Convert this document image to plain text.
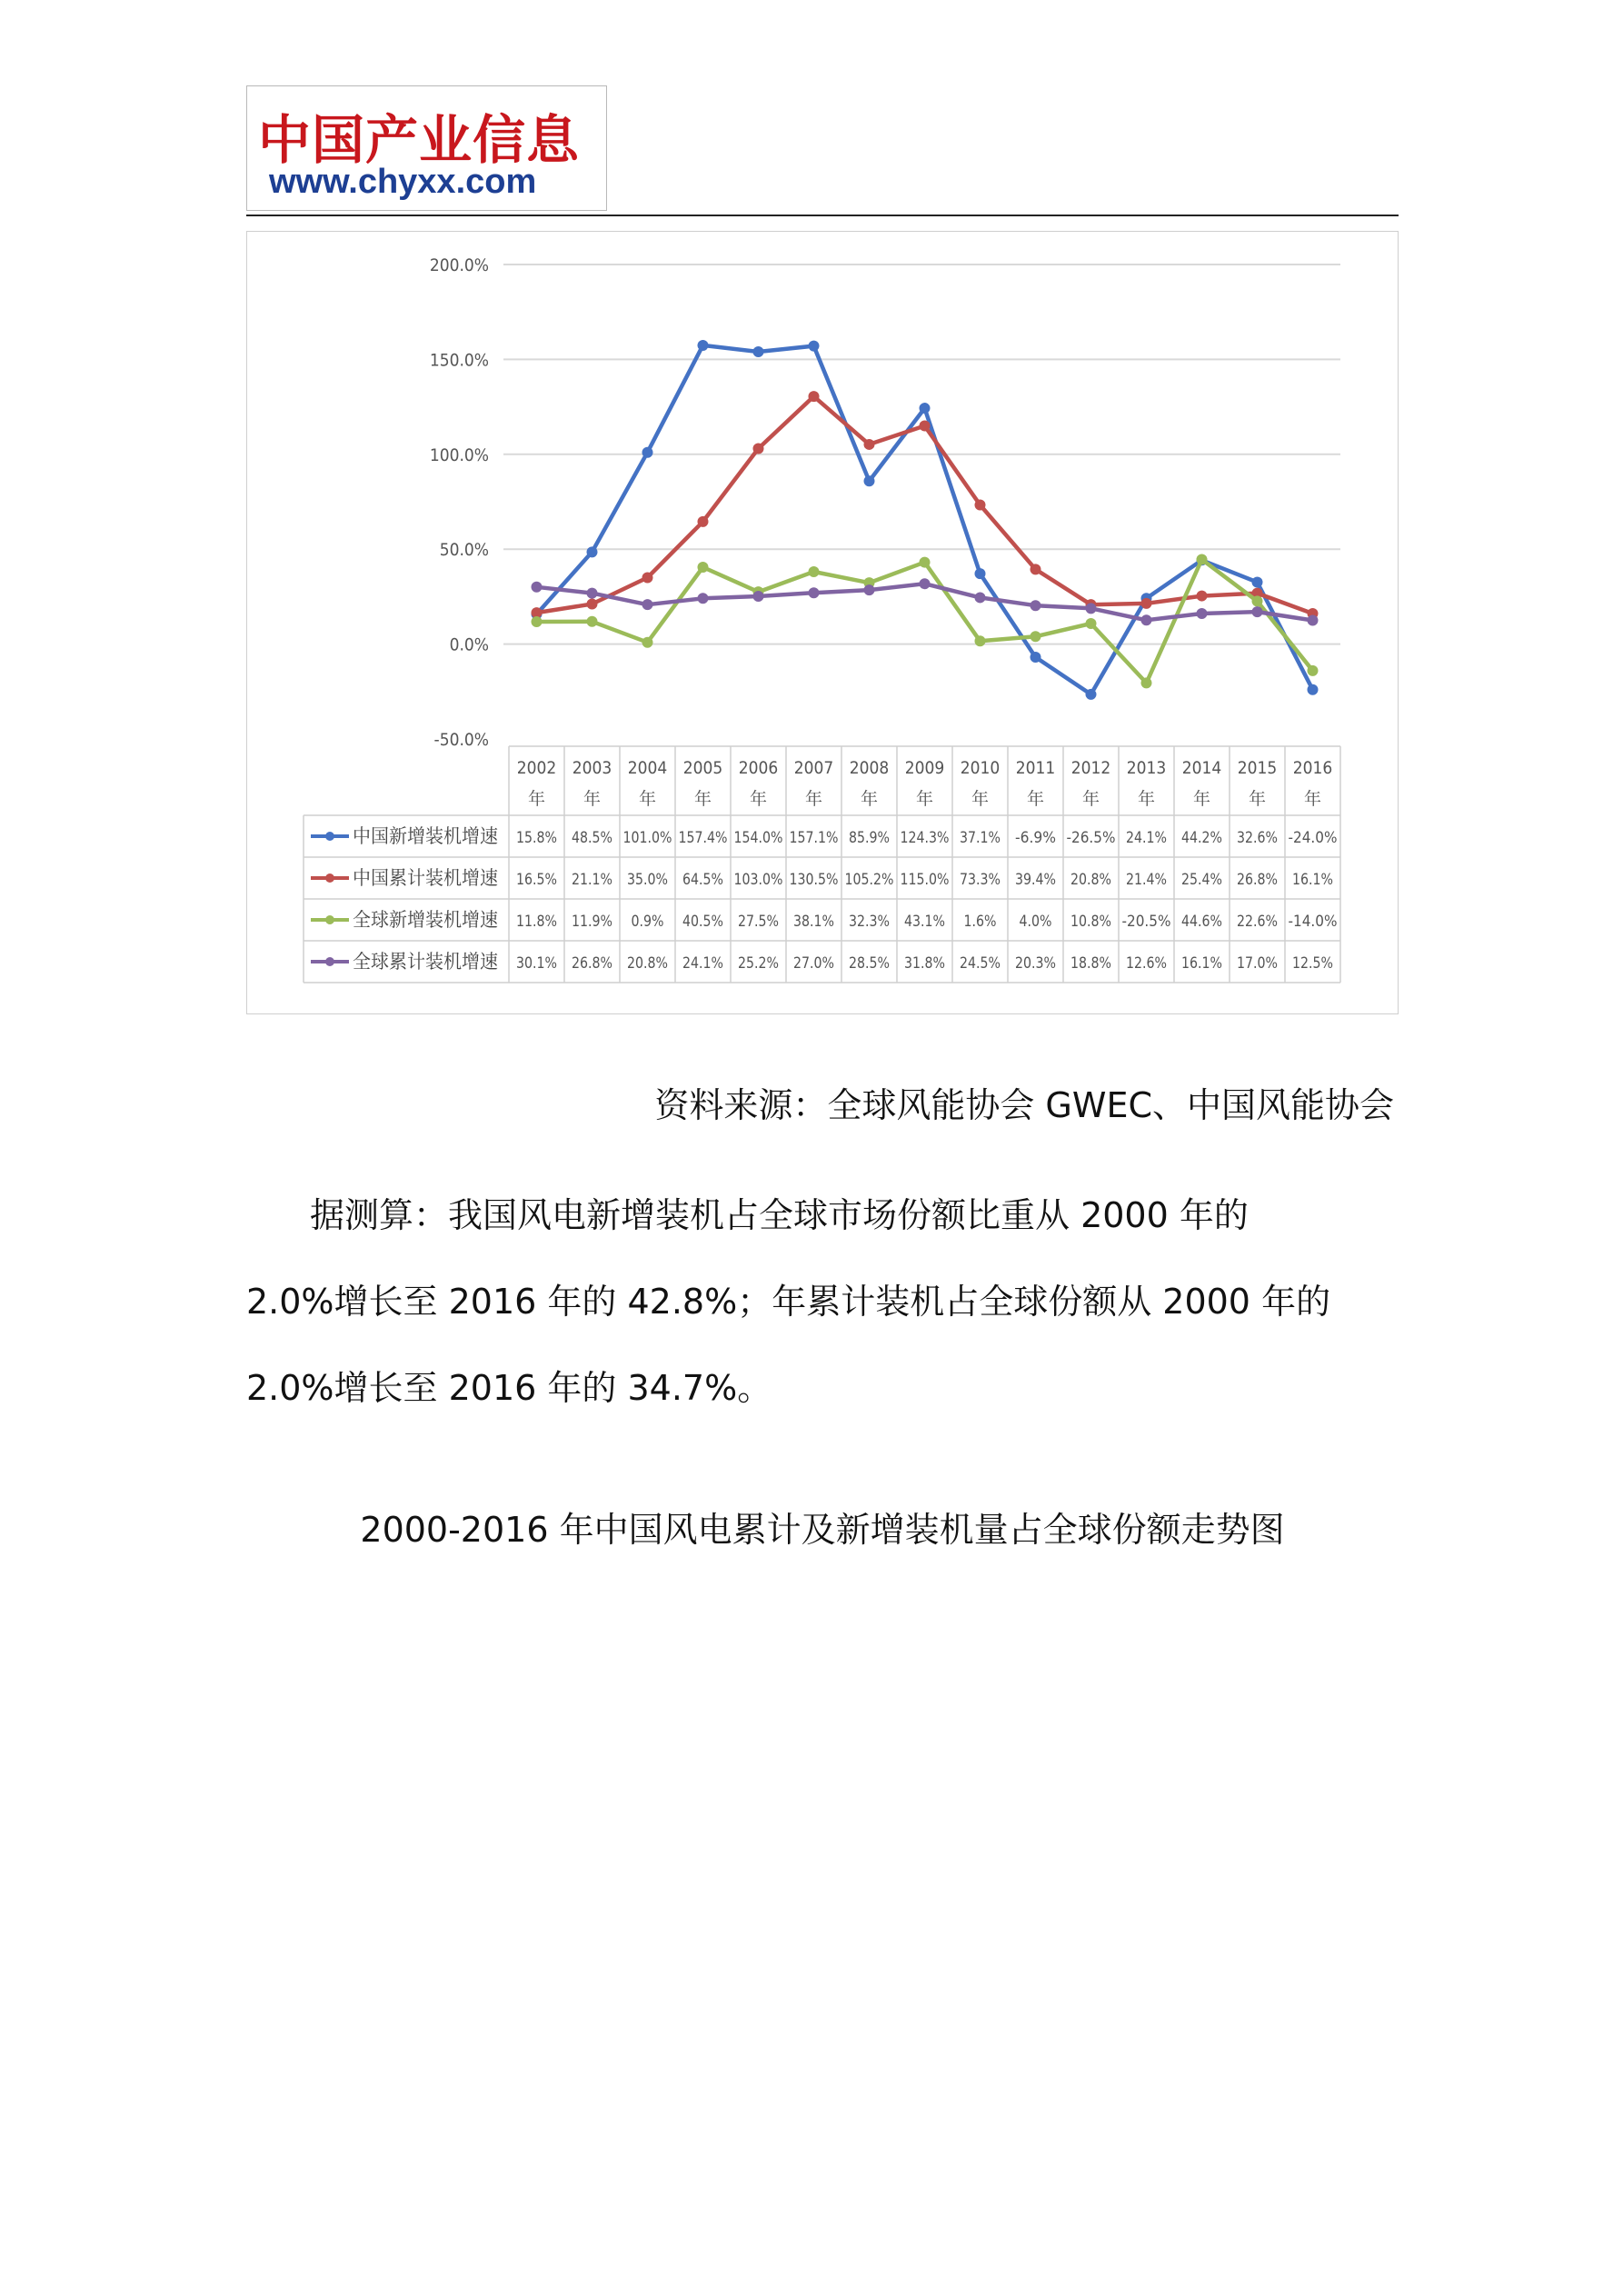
中国产业信息
www.chyxx.com
200.0%
150.0%
100.0%
50.0%
0.0%
-50.0%
2002
年
2003
年
2004
年
2005
年
2006
年
2007
年
2008
年
2009
年
2010
年
2011
年
2012
年
2013
年
2014
年
2015
年
2016
年
中国新增装机增速 15.8% 48.5% 101.0% 157.4% 154.0% 157.1% 85.9% 124.3% 37.1% -6.9% -26.5% 24.1% 44.2% 32.6% -24.0%
中国累计装机增速 16.5% 21.1% 35.0% 64.5% 103.0% 130.5% 105.2% 115.0% 73.3% 39.4% 20.8% 21.4% 25.4% 26.8% 16.1%
全球新增装机增速 11.8% 11.9% 0.9% 40.5% 27.5% 38.1% 32.3% 43.1% 1.6% 4.0% 10.8% -20.5% 44.6% 22.6% -14.0%
全球累计装机增速 30.1% 26.8% 20.8% 24.1% 25.2% 27.0% 28.5% 31.8% 24.5% 20.3% 18.8% 12.6% 16.1% 17.0% 12.5%
资料来源：全球风能协会 GWEC、中国风能协会
据测算：我国风电新增装机占全球市场份额比重从 2000 年的
2.0%增长至 2016 年的 42.8%；年累计装机占全球份额从 2000 年的
2.0%增长至 2016 年的 34.7%。
2000-2016 年中国风电累计及新增装机量占全球份额走势图
